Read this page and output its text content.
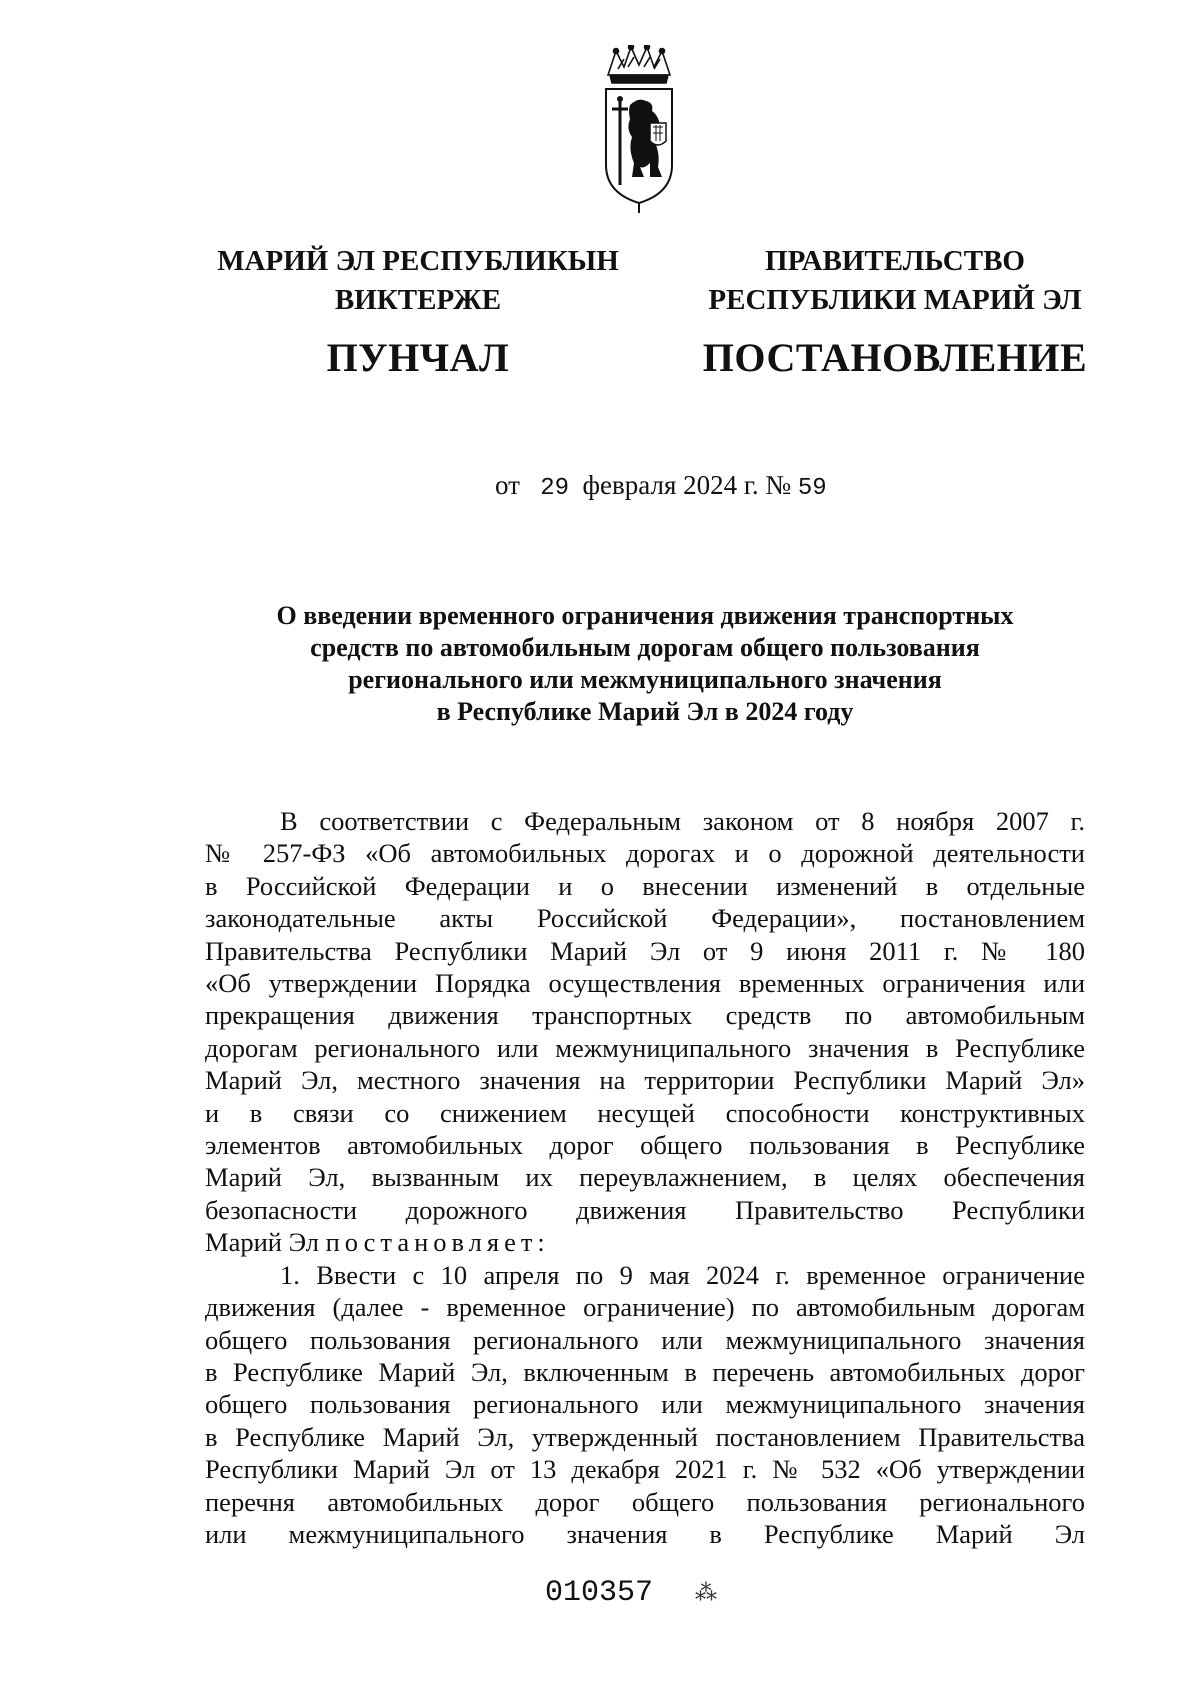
МАРИЙ ЭЛ РЕСПУБЛИКЫН
ВИКТЕРЖЕ
ПУНЧАЛ
ПРАВИТЕЛЬСТВО
РЕСПУБЛИКИ МАРИЙ ЭЛ
ПОСТАНОВЛЕНИЕ
от 29 февраля 2024 г. № 59
О введении временного ограничения движения транспортных
средств по автомобильным дорогам общего пользования
регионального или межмуниципального значения
в Республике Марий Эл в 2024 году

В соответствии с Федеральным законом от 8 ноября 2007 г.

№ 257-ФЗ «Об автомобильных дорогах и о дорожной деятельности

в Российской Федерации и о внесении изменений в отдельные

законодательные акты Российской Федерации», постановлением

Правительства Республики Марий Эл от 9 июня 2011 г. № 180

«Об утверждении Порядка осуществления временных ограничения или

прекращения движения транспортных средств по автомобильным

дорогам регионального или межмуниципального значения в Республике

Марий Эл, местного значения на территории Республики Марий Эл»

и в связи со снижением несущей способности конструктивных

элементов автомобильных дорог общего пользования в Республике

Марий Эл, вызванным их переувлажнением, в целях обеспечения

безопасности дорожного движения Правительство Республики

Марий Эл постановляет:

1. Ввести с 10 апреля по 9 мая 2024 г. временное ограничение

движения (далее - временное ограничение) по автомобильным дорогам

общего пользования регионального или межмуниципального значения

в Республике Марий Эл, включенным в перечень автомобильных дорог

общего пользования регионального или межмуниципального значения

в Республике Марий Эл, утвержденный постановлением Правительства

Республики Марий Эл от 13 декабря 2021 г. № 532 «Об утверждении

перечня автомобильных дорог общего пользования регионального

или межмуниципального значения в Республике Марий Эл

010357 ⁂
